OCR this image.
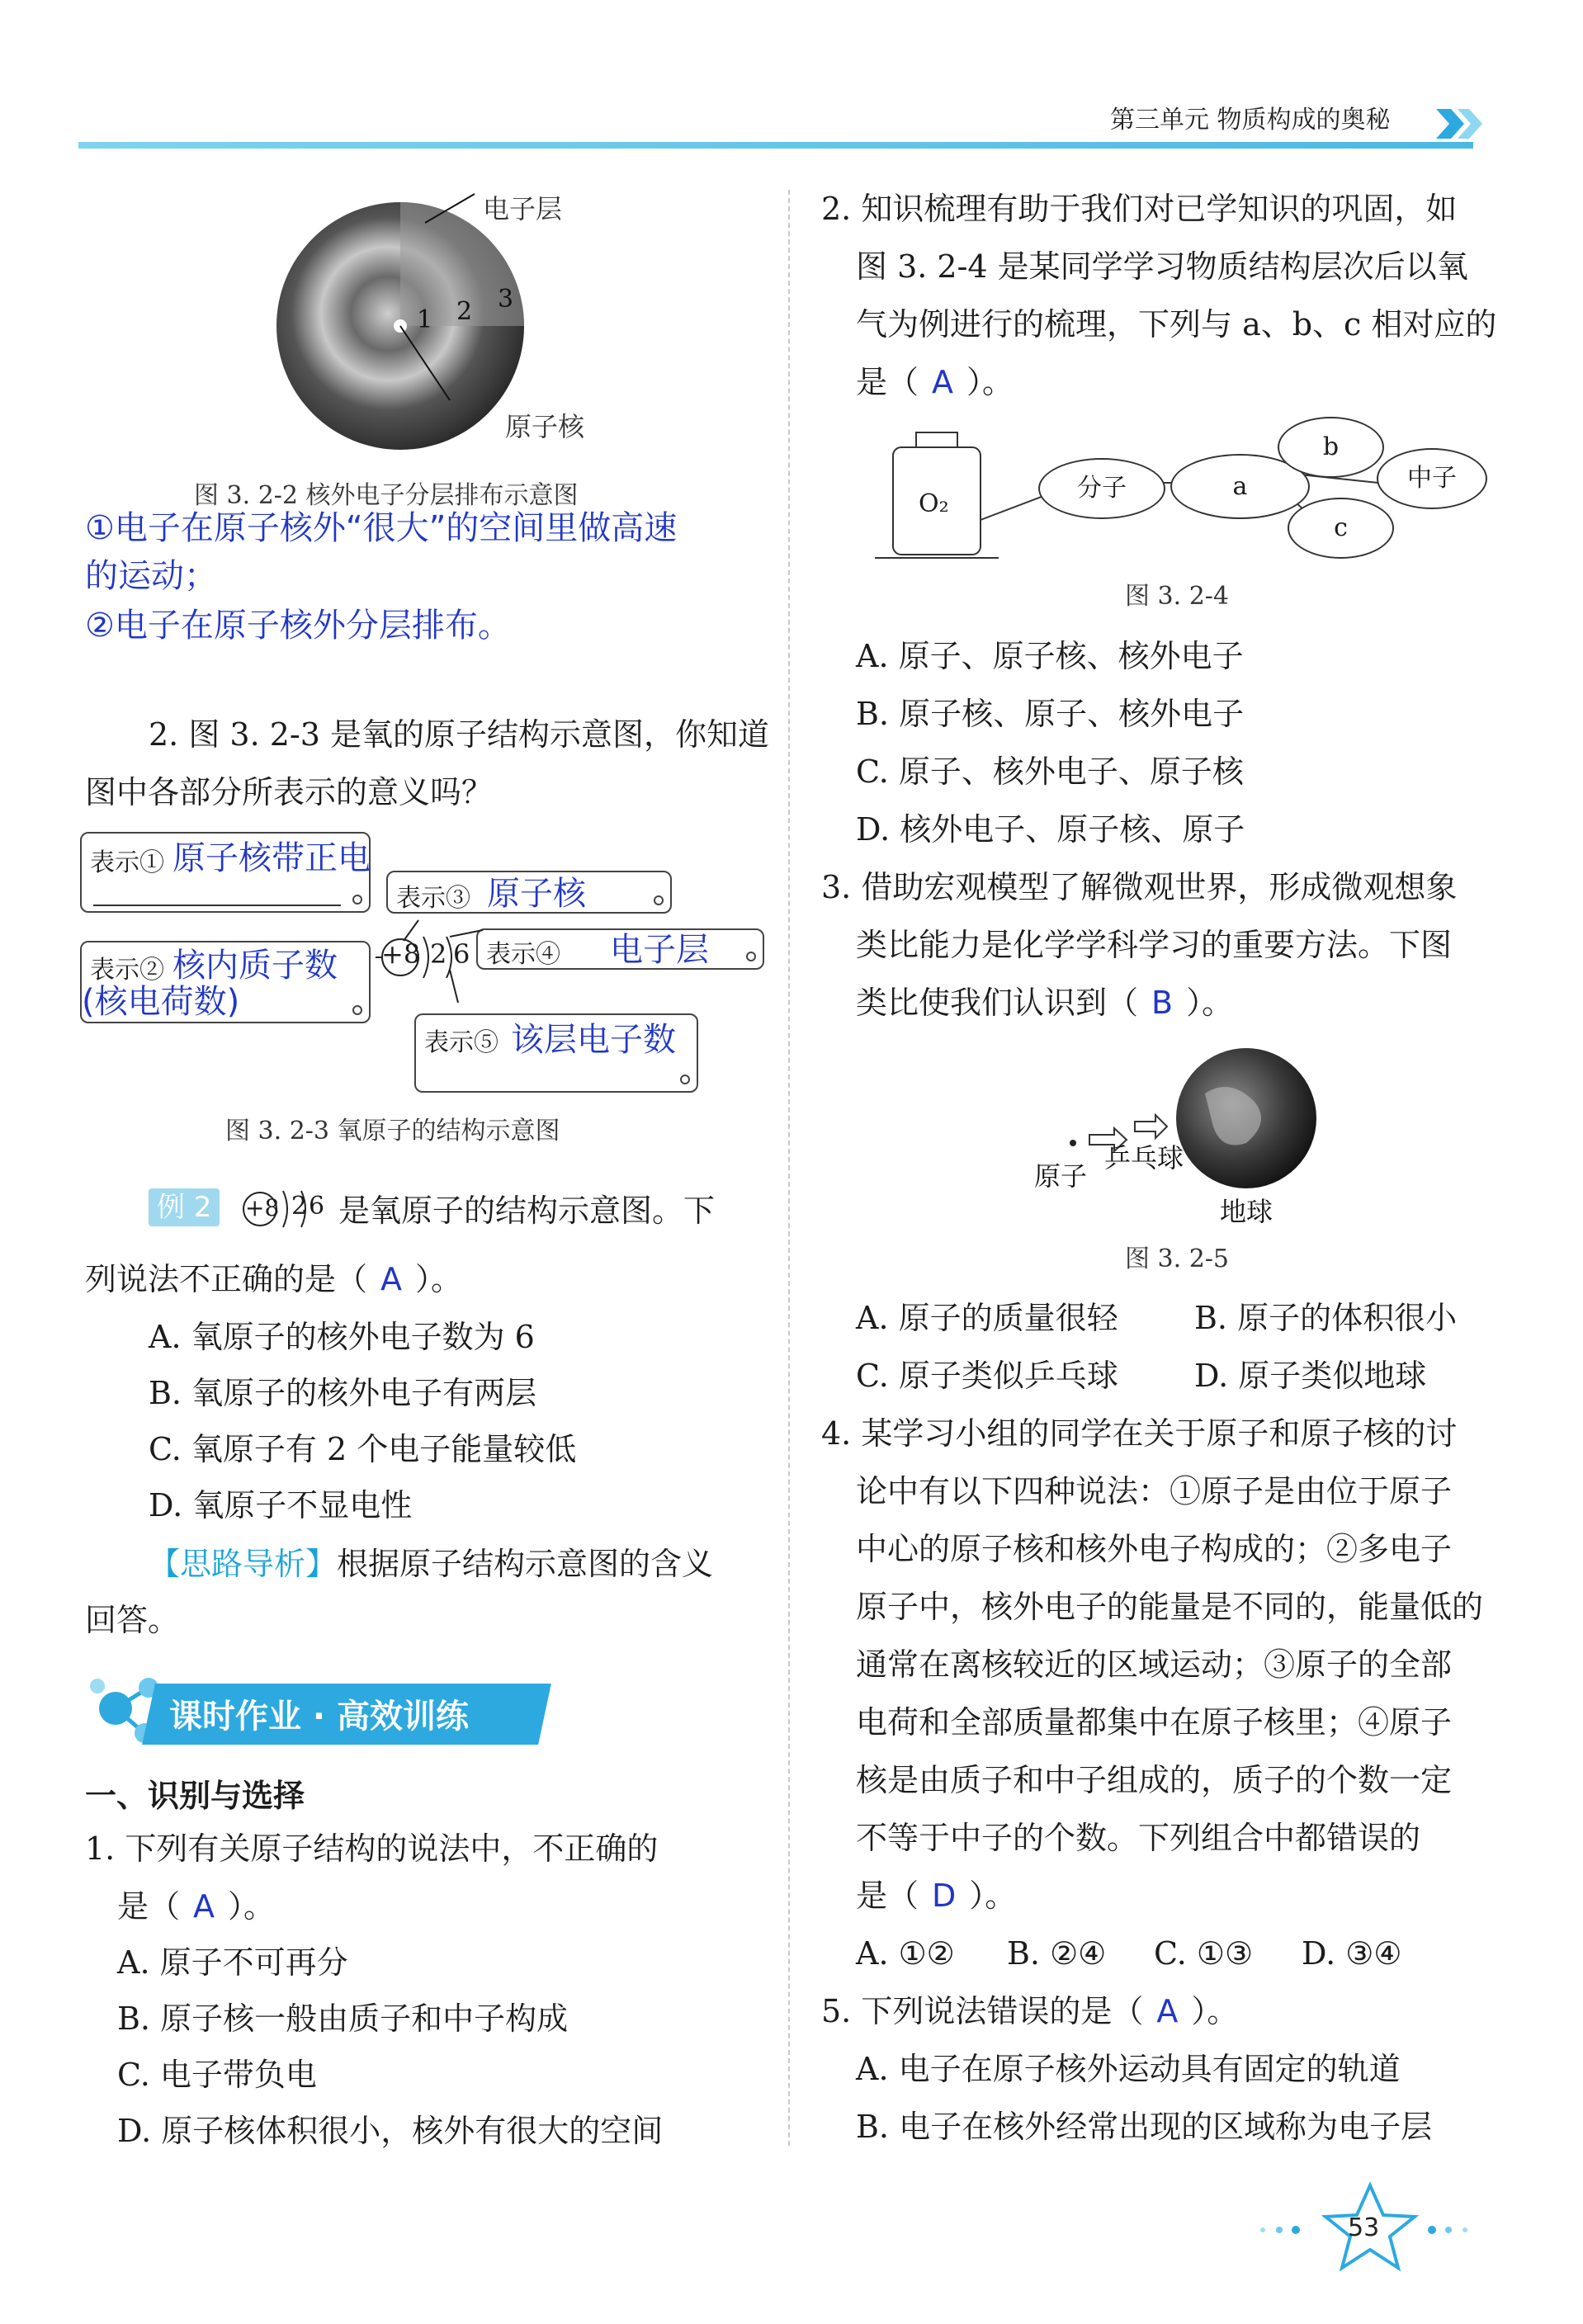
第三单元 物质构成的奥秘
电子层
原子核
1 2 3
图 3. 2-2 核外电子分层排布示意图
①电子在原子核外“很大”的空间里做高速
的运动；
②电子在原子核外分层排布。
2. 图 3. 2-3 是氧的原子结构示意图，你知道
图中各部分所表示的意义吗？
表示① 原子核带正电
表示③ 原子核
表示② 核内质子数
(核电荷数)
表示④ 电子层
表示⑤ 该层电子数
+8 2 6
图 3. 2-3 氧原子的结构示意图
例 2	+8 2 6 是氧原子的结构示意图。下
列说法不正确的是（ A ）。
A. 氧原子的核外电子数为 6
B. 氧原子的核外电子有两层
C. 氧原子有 2 个电子能量较低
D. 氧原子不显电性
【思路导析】根据原子结构示意图的含义
回答。
课时作业 · 高效训练
一、识别与选择
1. 下列有关原子结构的说法中，不正确的
是（ A ）。
A. 原子不可再分
B. 原子核一般由质子和中子构成
C. 电子带负电
D. 原子核体积很小，核外有很大的空间
2. 知识梳理有助于我们对已学知识的巩固，如
图 3. 2-4 是某同学学习物质结构层次后以氧
气为例进行的梳理，下列与 a、b、c 相对应的
是（ A ）。
O₂
分子	a
b
c
中子
图 3. 2-4
A. 原子、原子核、核外电子
B. 原子核、原子、核外电子
C. 原子、核外电子、原子核
D. 核外电子、原子核、原子
3. 借助宏观模型了解微观世界，形成微观想象
类比能力是化学学科学习的重要方法。下图
类比使我们认识到（ B ）。
原子
乒乓球
地球
图 3. 2-5
A. 原子的质量很轻 B. 原子的体积很小
C. 原子类似乒乓球 D. 原子类似地球
4. 某学习小组的同学在关于原子和原子核的讨
论中有以下四种说法：①原子是由位于原子
中心的原子核和核外电子构成的；②多电子
原子中，核外电子的能量是不同的，能量低的
通常在离核较近的区域运动；③原子的全部
电荷和全部质量都集中在原子核里；④原子
核是由质子和中子组成的，质子的个数一定
不等于中子的个数。下列组合中都错误的
是（ D ）。
A. ①② B. ②④ C. ①③ D. ③④
5. 下列说法错误的是（ A ）。
A. 电子在原子核外运动具有固定的轨道
B. 电子在核外经常出现的区域称为电子层
53
